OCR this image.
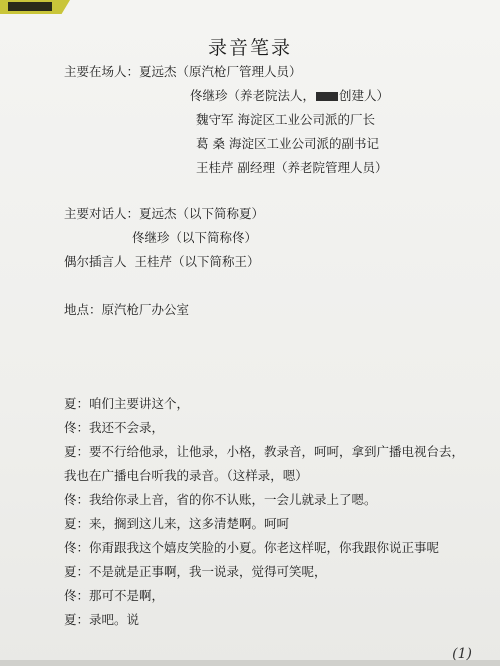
录音笔录
主要在场人：夏远杰（原汽枪厂管理人员）
佟继珍（养老院法人， 创建人）
魏守军 海淀区工业公司派的厂长
葛 桑 海淀区工业公司派的副书记
王桂芹 副经理（养老院管理人员）
主要对话人：夏远杰（以下简称夏）
佟继珍（以下简称佟）
偶尔插言人 王桂芹（以下简称王）
地点：原汽枪厂办公室
夏：咱们主要讲这个，
佟：我还不会录，
夏：要不行给他录，让他录，小格，教录音，呵呵，拿到广播电视台去，
我也在广播电台听我的录音。（这样录，嗯）
佟：我给你录上音，省的你不认账，一会儿就录上了嗯。
夏：来，搁到这儿来，这多清楚啊。呵呵
佟：你甭跟我这个嬉皮笑脸的小夏。你老这样呢，你我跟你说正事呢
夏：不是就是正事啊，我一说录，觉得可笑呢，
佟：那可不是啊，
夏：录吧。说
(1)
